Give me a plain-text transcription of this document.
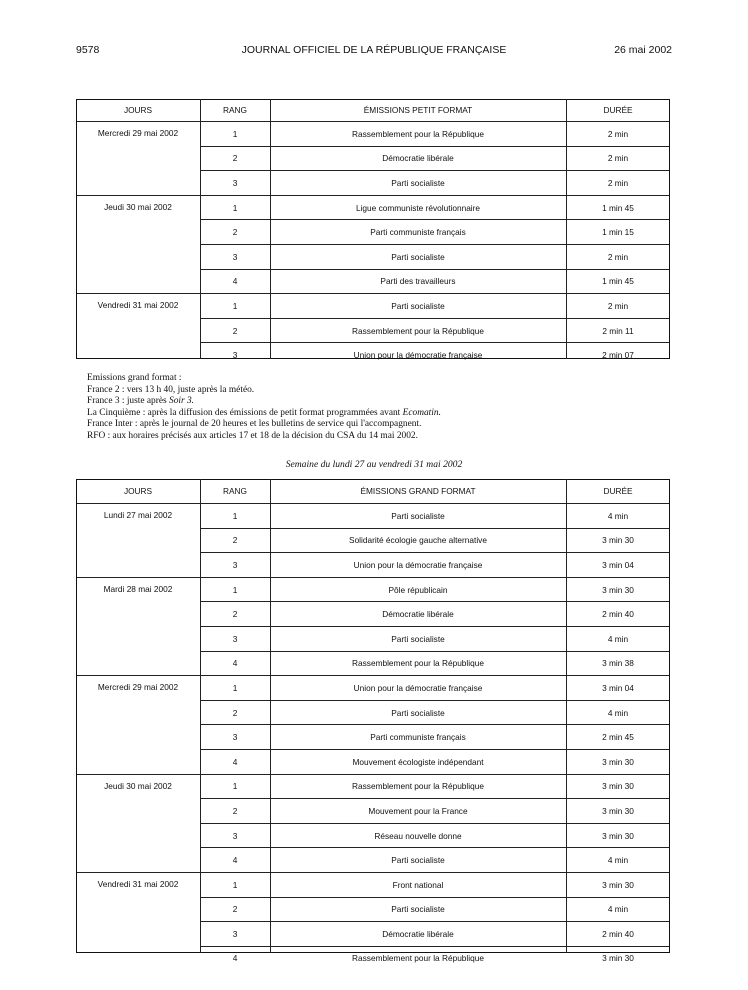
9578	JOURNAL OFFICIEL DE LA RÉPUBLIQUE FRANÇAISE	26 mai 2002
JOURS	RANG	ÉMISSIONS PETIT FORMAT	DURÉE
Mercredi 29 mai 2002	1	Rassemblement pour la République	2 min
	2	Démocratie libérale	2 min
	3	Parti socialiste	2 min
Jeudi 30 mai 2002	1	Ligue communiste révolutionnaire	1 min 45
	2	Parti communiste français	1 min 15
	3	Parti socialiste	2 min
	4	Parti des travailleurs	1 min 45
Vendredi 31 mai 2002	1	Parti socialiste	2 min
	2	Rassemblement pour la République	2 min 11
	3	Union pour la démocratie française	2 min 07
Emissions grand format :
France 2 : vers 13 h 40, juste après la météo.
France 3 : juste après Soir 3.
La Cinquième : après la diffusion des émissions de petit format programmées avant Ecomatin.
France Inter : après le journal de 20 heures et les bulletins de service qui l'accompagnent.
RFO : aux horaires précisés aux articles 17 et 18 de la décision du CSA du 14 mai 2002.
Semaine du lundi 27 au vendredi 31 mai 2002
JOURS	RANG	ÉMISSIONS GRAND FORMAT	DURÉE
Lundi 27 mai 2002	1	Parti socialiste	4 min
	2	Solidarité écologie gauche alternative	3 min 30
	3	Union pour la démocratie française	3 min 04
Mardi 28 mai 2002	1	Pôle républicain	3 min 30
	2	Démocratie libérale	2 min 40
	3	Parti socialiste	4 min
	4	Rassemblement pour la République	3 min 38
Mercredi 29 mai 2002	1	Union pour la démocratie française	3 min 04
	2	Parti socialiste	4 min
	3	Parti communiste français	2 min 45
	4	Mouvement écologiste indépendant	3 min 30
Jeudi 30 mai 2002	1	Rassemblement pour la République	3 min 30
	2	Mouvement pour la France	3 min 30
	3	Réseau nouvelle donne	3 min 30
	4	Parti socialiste	4 min
Vendredi 31 mai 2002	1	Front national	3 min 30
	2	Parti socialiste	4 min
	3	Démocratie libérale	2 min 40
	4	Rassemblement pour la République	3 min 30
